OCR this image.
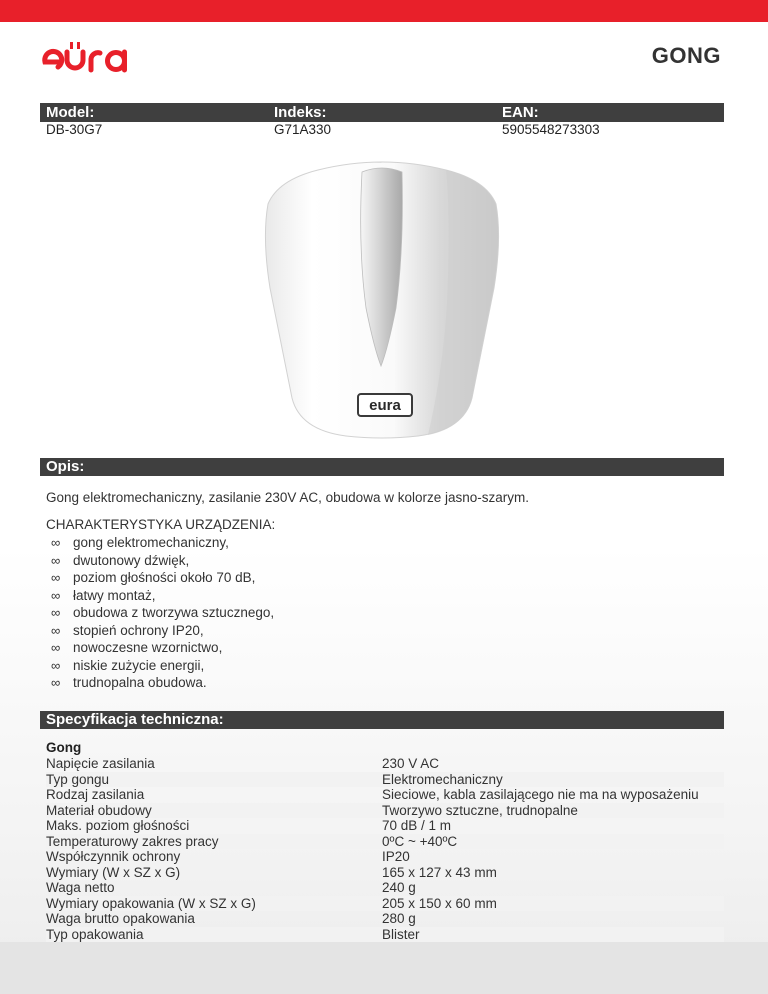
GONG
Model:	Indeks:	EAN:
DB-30G7	G71A330	5905548273303
eura
Opis:
Gong elektromechaniczny, zasilanie 230V AC, obudowa w kolorze jasno-szarym.
CHARAKTERYSTYKA URZĄDZENIA:
∞ gong elektromechaniczny,
∞ dwutonowy dźwięk,
∞ poziom głośności około 70 dB,
∞ łatwy montaż,
∞ obudowa z tworzywa sztucznego,
∞ stopień ochrony IP20,
∞ nowoczesne wzornictwo,
∞ niskie zużycie energii,
∞ trudnopalna obudowa.
Specyfikacja techniczna:
Gong
Napięcie zasilania	230 V AC
Typ gongu	Elektromechaniczny
Rodzaj zasilania	Sieciowe, kabla zasilającego nie ma na wyposażeniu
Materiał obudowy	Tworzywo sztuczne, trudnopalne
Maks. poziom głośności	70 dB / 1 m
Temperaturowy zakres pracy	0ºC ~ +40ºC
Współczynnik ochrony	IP20
Wymiary (W x SZ x G)	165 x 127 x 43 mm
Waga netto	240 g
Wymiary opakowania (W x SZ x G)	205 x 150 x 60 mm
Waga brutto opakowania	280 g
Typ opakowania	Blister
